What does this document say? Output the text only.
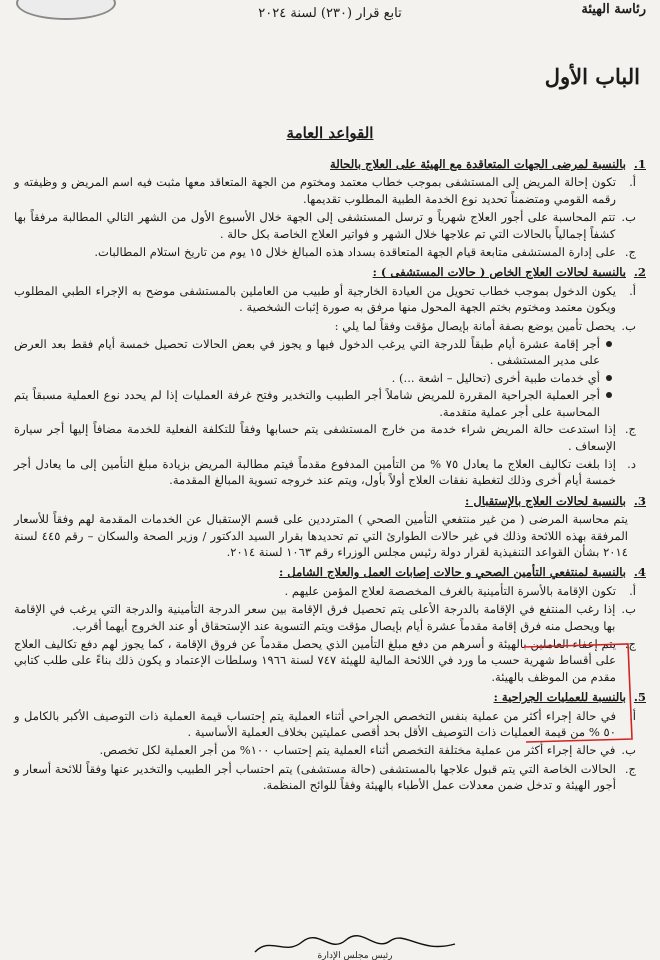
تابع قرار (٢٣٠) لسنة ٢٠٢٤	رئاسة الهيئة
الباب الأول
القواعد العامة
1.
بالنسبة لمرضى الجهات المتعاقدة مع الهيئة على العلاج بالحالة
أ.
تكون إحالة المريض إلى المستشفى بموجب خطاب معتمد ومختوم من الجهة المتعاقد معها مثبت فيه اسم المريض و وظيفته و رقمه القومي ومتضمناً تحديد نوع الخدمة الطبية المطلوب تقديمها.
ب.
تتم المحاسبة على أجور العلاج شهرياً و ترسل المستشفى إلى الجهة خلال الأسبوع الأول من الشهر التالي المطالبة مرفقاً بها كشفاً إجمالياً بالحالات التي تم علاجها خلال الشهر و فواتير العلاج الخاصة بكل حالة .
ج.
على إدارة المستشفى متابعة قيام الجهة المتعاقدة بسداد هذه المبالغ خلال ١٥ يوم من تاريخ استلام المطالبات.
2.
بالنسبة لحالات العلاج الخاص ( حالات المستشفى ) :
أ.
يكون الدخول بموجب خطاب تحويل من العيادة الخارجية أو طبيب من العاملين بالمستشفى موضح به الإجراء الطبي المطلوب ويكون معتمد ومختوم بختم الجهة المحول منها مرفق به صورة إثبات الشخصية .
ب.
يحصل تأمين يوضع بصفة أمانة بإيصال مؤقت وفقاً لما يلي :
أجر إقامة عشرة أيام طبقاً للدرجة التي يرغب الدخول فيها و يجوز في بعض الحالات تحصيل خمسة أيام فقط بعد العرض على مدير المستشفى .
أي خدمات طبية أخرى (تحاليل – اشعة ...) .
أجر العملية الجراحية المقررة للمريض شاملاً أجر الطبيب والتخدير وفتح غرفة العمليات إذا لم يحدد نوع العملية مسبقاً يتم المحاسبة على أجر عملية متقدمة.
ج.
إذا استدعت حالة المريض شراء خدمة من خارج المستشفى يتم حسابها وفقاً للتكلفة الفعلية للخدمة مضافاً إليها أجر سيارة الإسعاف .
د.
إذا بلغت تكاليف العلاج ما يعادل ٧٥ % من التأمين المدفوع مقدماً فيتم مطالبة المريض بزيادة مبلغ التأمين إلى ما يعادل أجر خمسة أيام أخرى وذلك لتغطية نفقات العلاج أولاً بأول، ويتم عند خروجه تسوية المبالغ المقدمة.
3.
بالنسبة لحالات العلاج بالإستقبال :
يتم محاسبة المرضى ( من غير منتفعي التأمين الصحي ) المترددين على قسم الإستقبال عن الخدمات المقدمة لهم وفقاً للأسعار المرفقة بهذه اللائحة وذلك في غير حالات الطوارئ التي تم تحديدها بقرار السيد الدكتور / وزير الصحة والسكان – رقم ٤٤٥ لسنة ٢٠١٤ بشأن القواعد التنفيذية لقرار دولة رئيس مجلس الوزراء رقم ١٠٦٣ لسنة ٢٠١٤.
4.
بالنسبة لمنتفعي التأمين الصحي و حالات إصابات العمل والعلاج الشامل :
أ.
تكون الإقامة بالأسرة التأمينية بالغرف المخصصة لعلاج المؤمن عليهم .
ب.
إذا رغب المنتفع في الإقامة بالدرجة الأعلى يتم تحصيل فرق الإقامة بين سعر الدرجة التأمينية والدرجة التي يرغب في الإقامة بها ويحصل منه فرق إقامة مقدماً عشرة أيام بإيصال مؤقت ويتم التسوية عند الإستحقاق أو عند الخروج أيهما أقرب.
ج.
يتم إعفاء العاملين بالهيئة و أسرهم من دفع مبلغ التأمين الذي يحصل مقدماً عن فروق الإقامة ، كما يجوز لهم دفع تكاليف العلاج على أقساط شهرية حسب ما ورد في اللائحة المالية للهيئة ٧٤٧ لسنة ١٩٦٦ وسلطات الإعتماد و يكون ذلك بناءً على طلب كتابي مقدم من الموظف بالهيئة.
5.
بالنسبة للعمليات الجراحية :
أ.
في حالة إجراء أكثر من عملية بنفس التخصص الجراحي أثناء العملية يتم إحتساب قيمة العملية ذات التوصيف الأكبر بالكامل و ٥٠ % من قيمة العمليات ذات التوصيف الأقل بحد أقصى عمليتين بخلاف العملية الأساسية .
ب.
في حالة إجراء أكثر من عملية مختلفة التخصص أثناء العملية يتم إحتساب ١٠٠% من أجر العملية لكل تخصص.
ج.
الحالات الخاصة التي يتم قبول علاجها بالمستشفى (حالة مستشفى) يتم احتساب أجر الطبيب والتخدير عنها وفقاً للائحة أسعار و أجور الهيئة و تدخل ضمن معدلات عمل الأطباء بالهيئة وفقاً للوائح المنظمة.
رئيس مجلس الإدارة
